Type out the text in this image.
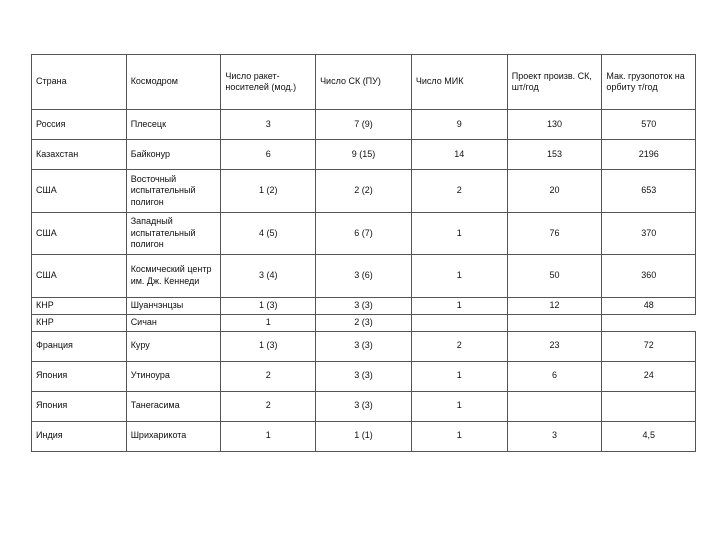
Страна	Космодром	Число ракет-носителей (мод.)	Число СК (ПУ)	Число МИК	Проект произв. СК, шт/год	Мак. грузопоток на орбиту т/год
Россия	Плесецк	3	7 (9)	9	130	570
Казахстан	Байконур	6	9 (15)	14	153	2196
США	Восточный испытательный полигон	1 (2)	2 (2)	2	20	653
США	Западный испытательный полигон	4 (5)	6 (7)	1	76	370
США	Космический центр им. Дж. Кеннеди	3 (4)	3 (6)	1	50	360
КНР	Шуанчэнцзы	1 (3)	3 (3)	1	12	48
КНР	Сичан	1	2 (3)			
Франция	Куру	1 (3)	3 (3)	2	23	72
Япония	Утиноура	2	3 (3)	1	6	24
Япония	Танегасима	2	3 (3)	1		
Индия	Шрихарикота	1	1 (1)	1	3	4,5
